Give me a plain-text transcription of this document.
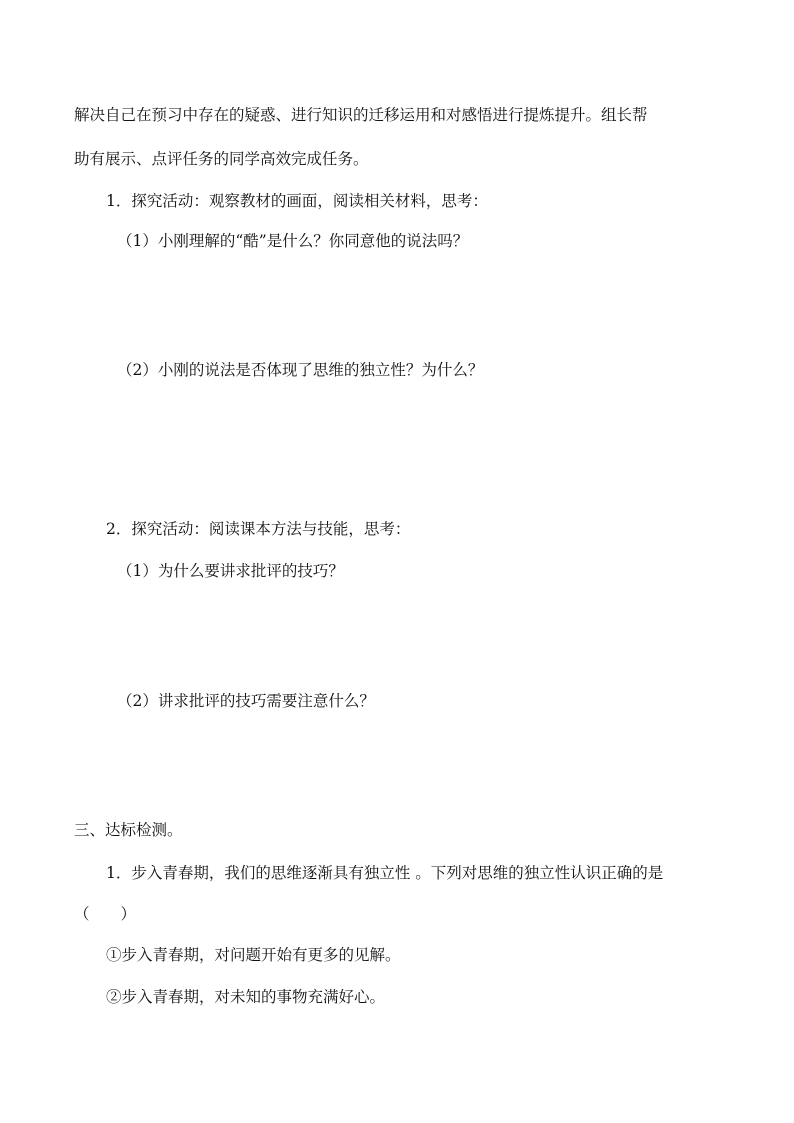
解决自己在预习中存在的疑惑、进行知识的迁移运用和对感悟进行提炼提升。组长帮
助有展示、点评任务的同学高效完成任务。
1．探究活动：观察教材的画面，阅读相关材料，思考：
（1）小刚理解的“酷”是什么？你同意他的说法吗？
（2）小刚的说法是否体现了思维的独立性？为什么？
2．探究活动：阅读课本方法与技能，思考：
（1）为什么要讲求批评的技巧？
（2）讲求批评的技巧需要注意什么？
三、达标检测。
1．步入青春期，我们的思维逐渐具有独立性 。下列对思维的独立性认识正确的是
（　　）
①步入青春期，对问题开始有更多的见解。
②步入青春期，对未知的事物充满好心。
